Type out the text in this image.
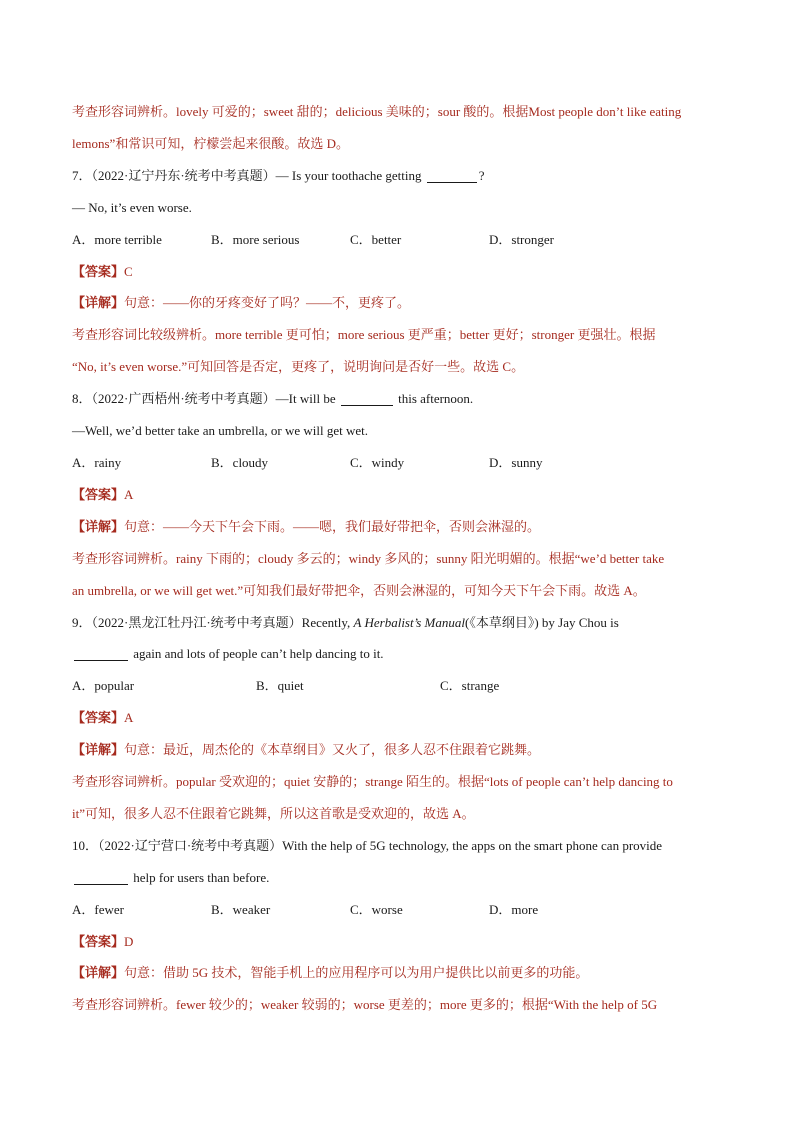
考查形容词辨析。lovely 可爱的；sweet 甜的；delicious 美味的；sour 酸的。根据Most people don’t like eating
lemons”和常识可知，柠檬尝起来很酸。故选 D。
7．（2022·辽宁丹东·统考中考真题）— Is your toothache getting	?
— No, it’s even worse.
A．more terrible	B．more serious	C．better	D．stronger
【答案】C
【详解】句意：——你的牙疼变好了吗？——不，更疼了。
考查形容词比较级辨析。more terrible 更可怕；more serious 更严重；better 更好；stronger 更强壮。根据
“No, it’s even worse.”可知回答是否定，更疼了，说明询问是否好一些。故选 C。
8．（2022·广西梧州·统考中考真题）—It will be	this afternoon.
—Well, we’d better take an umbrella, or we will get wet.
A．rainy	B．cloudy	C．windy	D．sunny
【答案】A
【详解】句意：——今天下午会下雨。——嗯，我们最好带把伞，否则会淋湿的。
考查形容词辨析。rainy 下雨的；cloudy 多云的；windy 多风的；sunny 阳光明媚的。根据“we’d better take
an umbrella, or we will get wet.”可知我们最好带把伞，否则会淋湿的，可知今天下午会下雨。故选 A。
9．（2022·黑龙江牡丹江·统考中考真题）Recently, A Herbalist’s Manual(《本草纲目》) by Jay Chou is
again and lots of people can’t help dancing to it.
A．popular	B．quiet	C．strange
【答案】A
【详解】句意：最近，周杰伦的《本草纲目》又火了，很多人忍不住跟着它跳舞。
考查形容词辨析。popular 受欢迎的；quiet 安静的；strange 陌生的。根据“lots of people can’t help dancing to
it”可知，很多人忍不住跟着它跳舞，所以这首歌是受欢迎的，故选 A。
10．（2022·辽宁营口·统考中考真题）With the help of 5G technology, the apps on the smart phone can provide
help for users than before.
A．fewer	B．weaker	C．worse	D．more
【答案】D
【详解】句意：借助 5G 技术，智能手机上的应用程序可以为用户提供比以前更多的功能。
考查形容词辨析。fewer 较少的；weaker 较弱的；worse 更差的；more 更多的；根据“With the help of 5G
